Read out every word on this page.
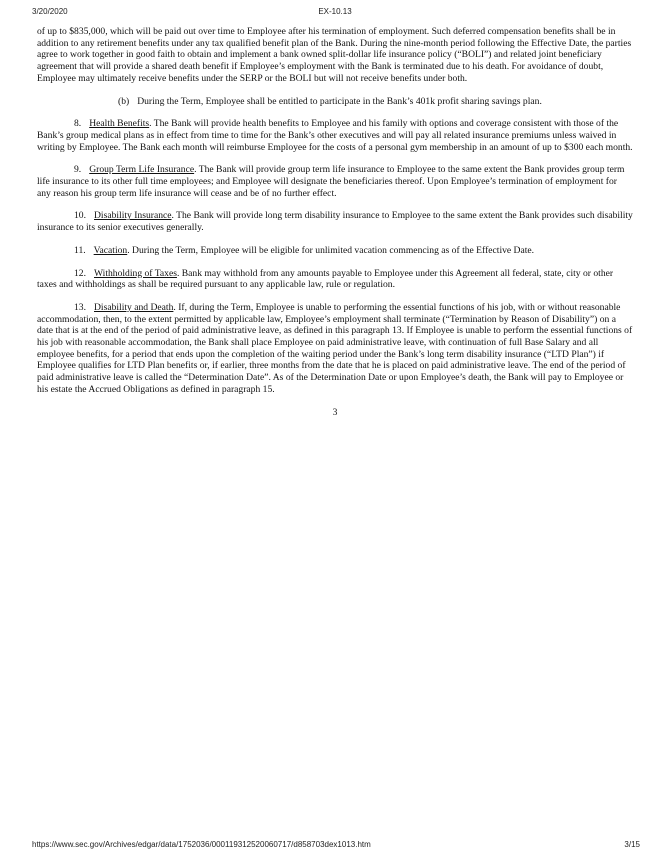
3/20/2020	EX-10.13

of up to $835,000, which will be paid out over time to Employee after his termination of employment. Such deferred compensation benefits shall be in addition to any retirement benefits under any tax qualified benefit plan of the Bank. During the nine-month period following the Effective Date, the parties agree to work together in good faith to obtain and implement a bank owned split-dollar life insurance policy (“BOLI”) and related joint beneficiary agreement that will provide a shared death benefit if Employee’s employment with the Bank is terminated due to his death. For avoidance of doubt, Employee may ultimately receive benefits under the SERP or the BOLI but will not receive benefits under both.

(b) During the Term, Employee shall be entitled to participate in the Bank’s 401k profit sharing savings plan.

8. Health Benefits. The Bank will provide health benefits to Employee and his family with options and coverage consistent with those of the Bank’s group medical plans as in effect from time to time for the Bank’s other executives and will pay all related insurance premiums unless waived in writing by Employee. The Bank each month will reimburse Employee for the costs of a personal gym membership in an amount of up to $300 each month.

9. Group Term Life Insurance. The Bank will provide group term life insurance to Employee to the same extent the Bank provides group term life insurance to its other full time employees; and Employee will designate the beneficiaries thereof. Upon Employee’s termination of employment for any reason his group term life insurance will cease and be of no further effect.

10. Disability Insurance. The Bank will provide long term disability insurance to Employee to the same extent the Bank provides such disability insurance to its senior executives generally.

11. Vacation. During the Term, Employee will be eligible for unlimited vacation commencing as of the Effective Date.

12. Withholding of Taxes. Bank may withhold from any amounts payable to Employee under this Agreement all federal, state, city or other taxes and withholdings as shall be required pursuant to any applicable law, rule or regulation.

13. Disability and Death. If, during the Term, Employee is unable to performing the essential functions of his job, with or without reasonable accommodation, then, to the extent permitted by applicable law, Employee’s employment shall terminate (“Termination by Reason of Disability”) on a date that is at the end of the period of paid administrative leave, as defined in this paragraph 13. If Employee is unable to perform the essential functions of his job with reasonable accommodation, the Bank shall place Employee on paid administrative leave, with continuation of full Base Salary and all employee benefits, for a period that ends upon the completion of the waiting period under the Bank’s long term disability insurance (“LTD Plan”) if Employee qualifies for LTD Plan benefits or, if earlier, three months from the date that he is placed on paid administrative leave. The end of the period of paid administrative leave is called the “Determination Date”. As of the Determination Date or upon Employee’s death, the Bank will pay to Employee or his estate the Accrued Obligations as defined in paragraph 15.

3
https://www.sec.gov/Archives/edgar/data/1752036/000119312520060717/d858703dex1013.htm	3/15
